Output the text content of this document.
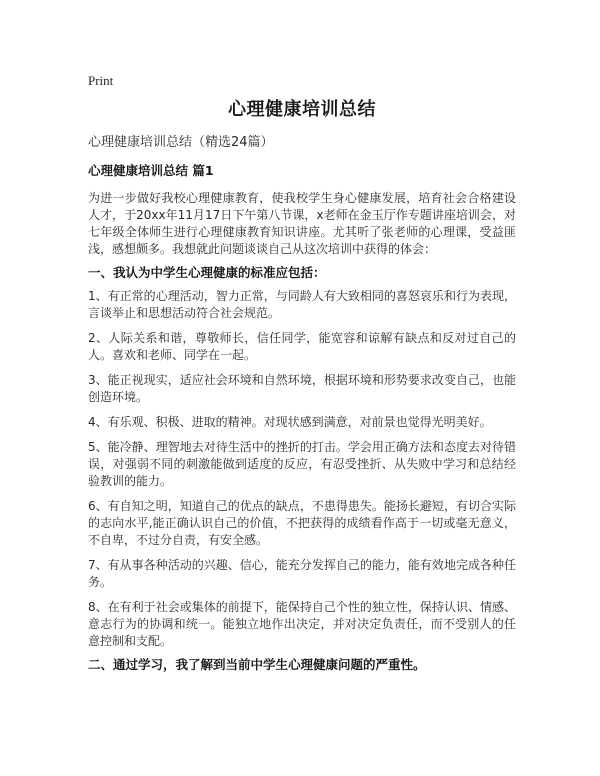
Print
心理健康培训总结

心理健康培训总结（精选24篇）

心理健康培训总结 篇1

为进一步做好我校心理健康教育，使我校学生身心健康发展，培育社会合格建设人才，于20xx年11月17日下午第八节课，x老师在金玉厅作专题讲座培训会，对七年级全体师生进行心理健康教育知识讲座。尤其听了张老师的心理课，受益匪浅，感想颇多。我想就此问题谈谈自己从这次培训中获得的体会：

一、我认为中学生心理健康的标准应包括：

1、有正常的心理活动，智力正常，与同龄人有大致相同的喜怒哀乐和行为表现，言谈举止和思想活动符合社会规范。

2、人际关系和谐，尊敬师长，信任同学，能宽容和谅解有缺点和反对过自己的人。喜欢和老师、同学在一起。

3、能正视现实，适应社会环境和自然环境，根据环境和形势要求改变自己，也能创造环境。

4、有乐观、积极、进取的精神。对现状感到满意，对前景也觉得光明美好。

5、能冷静、理智地去对待生活中的挫折的打击。学会用正确方法和态度去对待错误，对强弱不同的刺激能做到适度的反应，有忍受挫折、从失败中学习和总结经验教训的能力。

6、有自知之明，知道自己的优点的缺点，不患得患失。能扬长避短，有切合实际的志向水平,能正确认识自己的价值，不把获得的成绩看作高于一切或毫无意义，不自卑，不过分自责，有安全感。

7、有从事各种活动的兴趣、信心，能充分发挥自己的能力，能有效地完成各种任务。

8、在有利于社会或集体的前提下，能保持自己个性的独立性，保持认识、情感、意志行为的协调和统一。能独立地作出决定，并对决定负责任，而不受别人的任意控制和支配。

二、通过学习，我了解到当前中学生心理健康问题的严重性。
